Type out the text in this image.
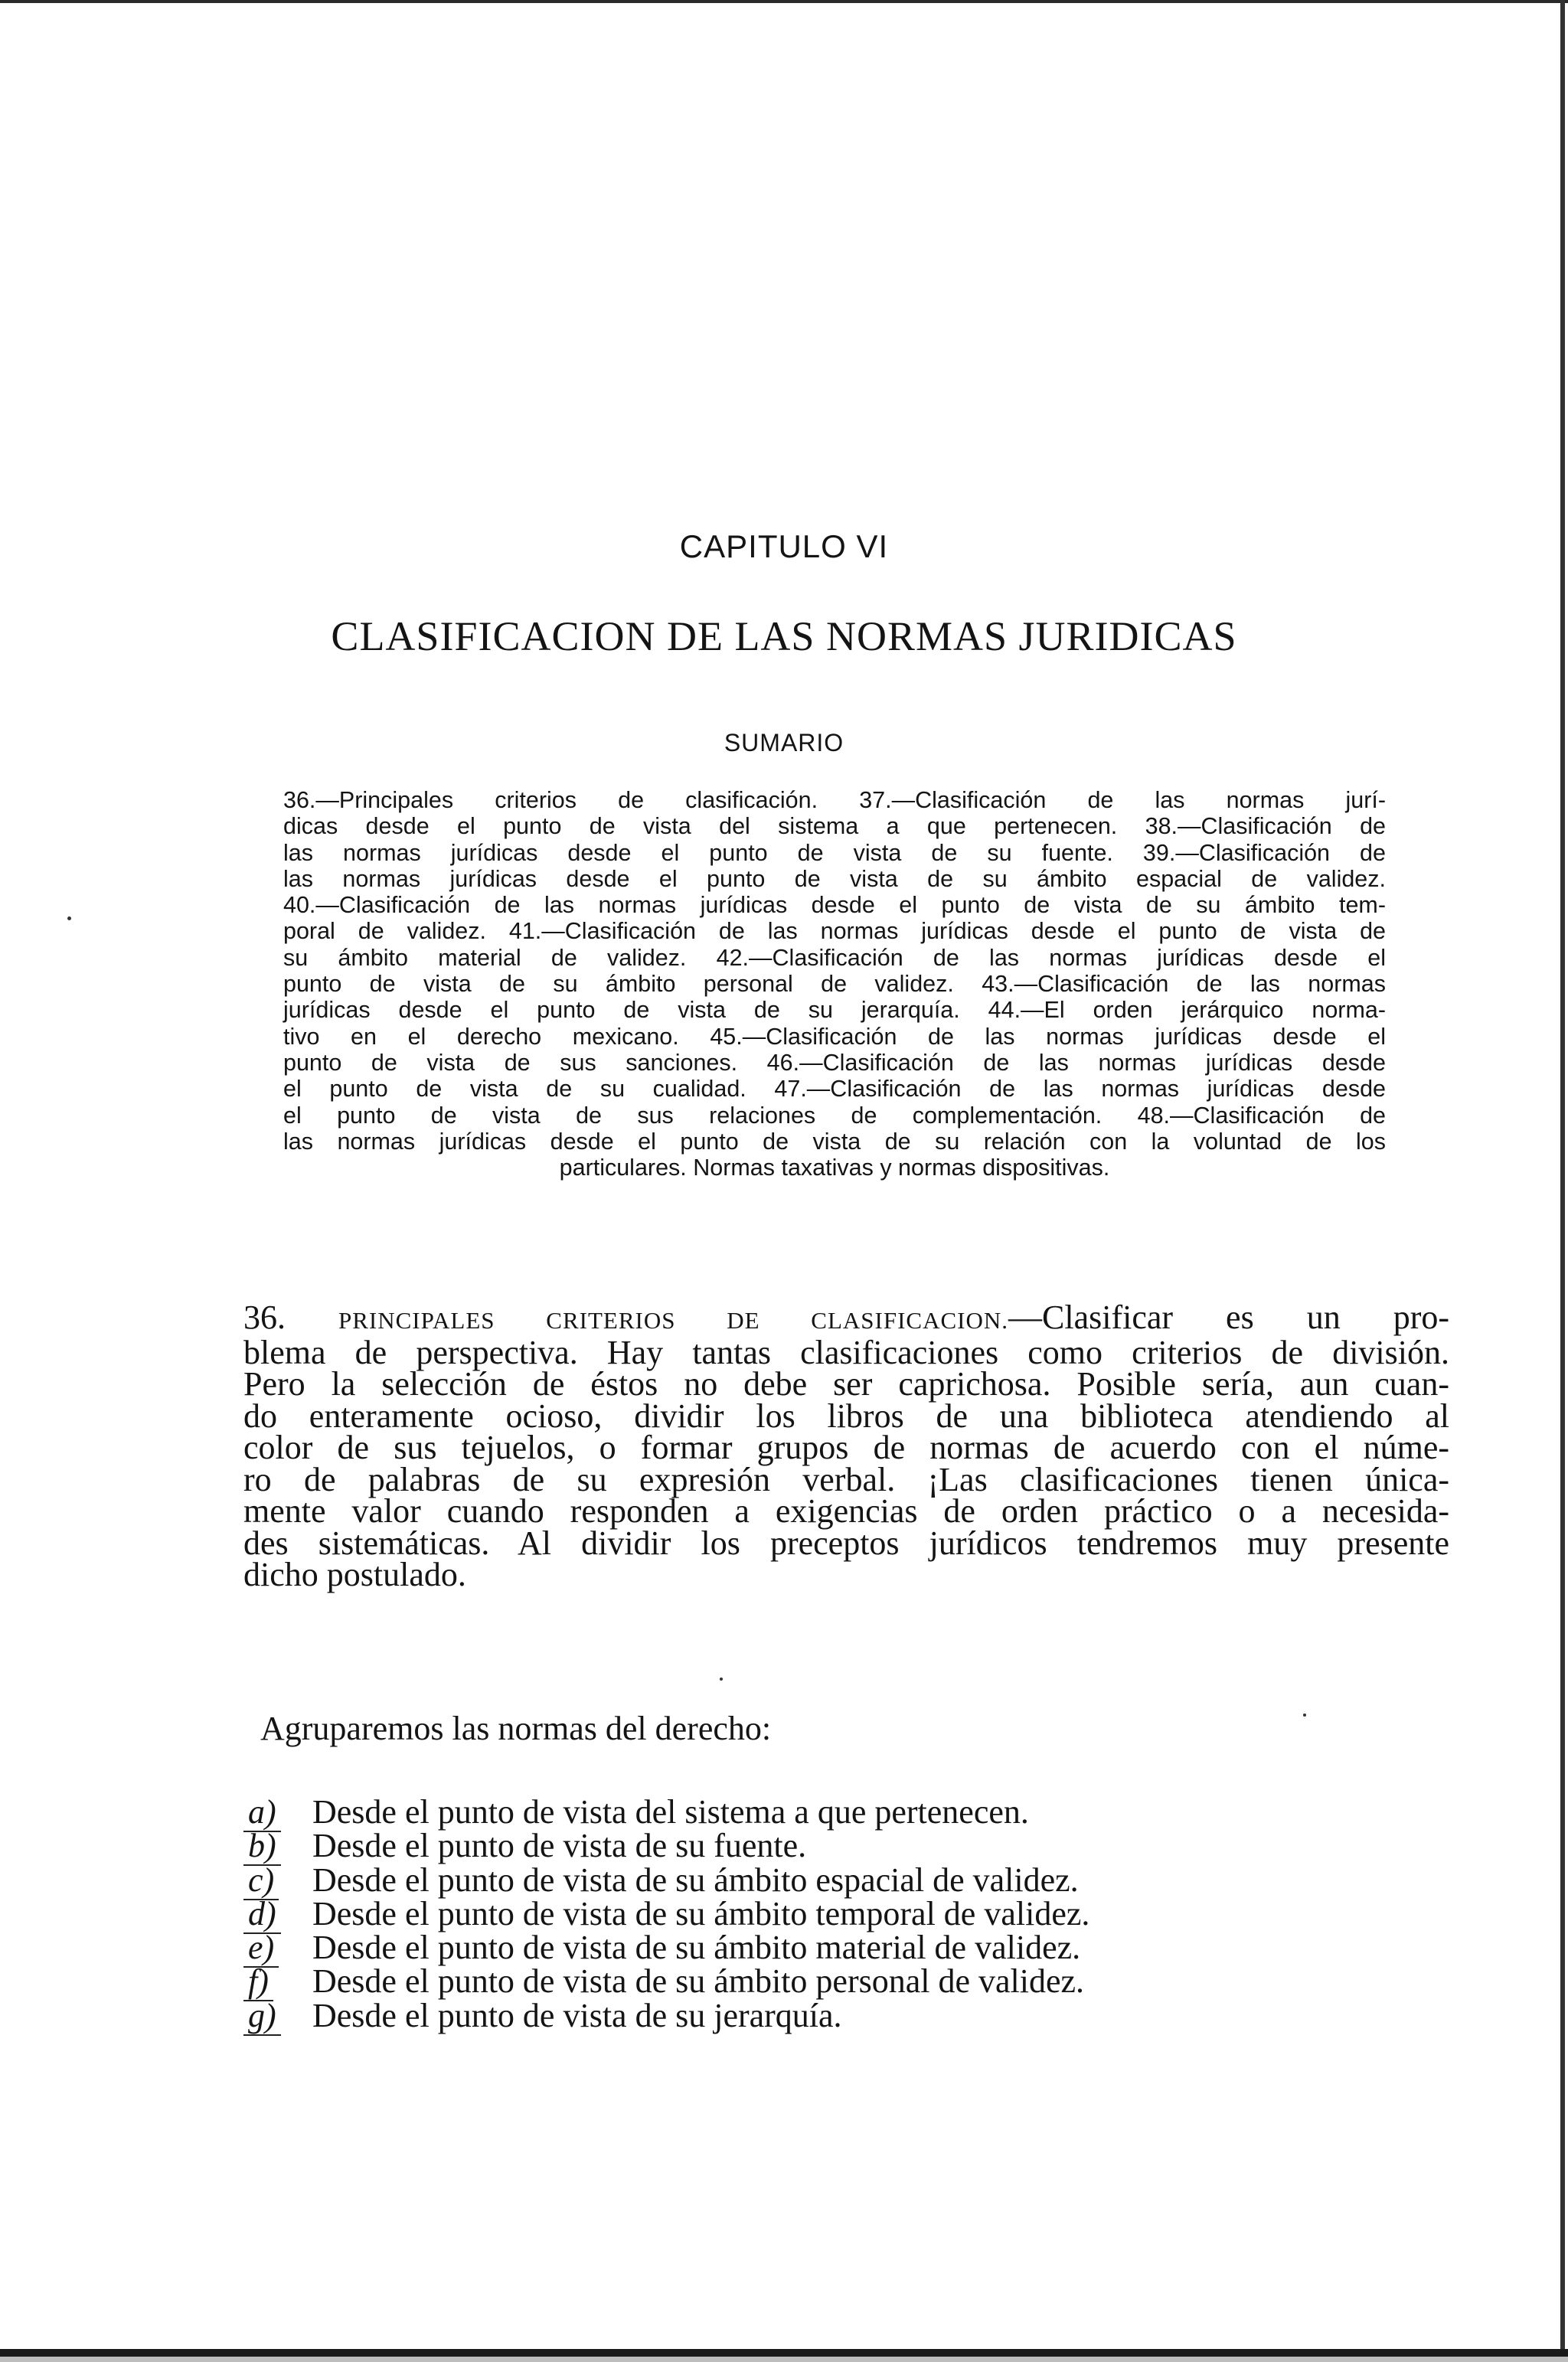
CAPITULO VI
CLASIFICACION DE LAS NORMAS JURIDICAS
SUMARIO
36.—Principales criterios de clasificación. 37.—Clasificación de las normas jurí-
dicas desde el punto de vista del sistema a que pertenecen. 38.—Clasificación de
las normas jurídicas desde el punto de vista de su fuente. 39.—Clasificación de
las normas jurídicas desde el punto de vista de su ámbito espacial de validez.
40.—Clasificación de las normas jurídicas desde el punto de vista de su ámbito tem-
poral de validez. 41.—Clasificación de las normas jurídicas desde el punto de vista de
su ámbito material de validez. 42.—Clasificación de las normas jurídicas desde el
punto de vista de su ámbito personal de validez. 43.—Clasificación de las normas
jurídicas desde el punto de vista de su jerarquía. 44.—El orden jerárquico norma-
tivo en el derecho mexicano. 45.—Clasificación de las normas jurídicas desde el
punto de vista de sus sanciones. 46.—Clasificación de las normas jurídicas desde
el punto de vista de su cualidad. 47.—Clasificación de las normas jurídicas desde
el punto de vista de sus relaciones de complementación. 48.—Clasificación de
las normas jurídicas desde el punto de vista de su relación con la voluntad de los
particulares. Normas taxativas y normas dispositivas.
36. PRINCIPALES CRITERIOS DE CLASIFICACION.—Clasificar es un pro-
blema de perspectiva. Hay tantas clasificaciones como criterios de división.
Pero la selección de éstos no debe ser caprichosa. Posible sería, aun cuan-
do enteramente ocioso, dividir los libros de una biblioteca atendiendo al
color de sus tejuelos, o formar grupos de normas de acuerdo con el núme-
ro de palabras de su expresión verbal. ¡Las clasificaciones tienen única-
mente valor cuando responden a exigencias de orden práctico o a necesida-
des sistemáticas. Al dividir los preceptos jurídicos tendremos muy presente
dicho postulado.
Agruparemos las normas del derecho:
a)	Desde el punto de vista del sistema a que pertenecen.
b)	Desde el punto de vista de su fuente.
c)	Desde el punto de vista de su ámbito espacial de validez.
d)	Desde el punto de vista de su ámbito temporal de validez.
e)	Desde el punto de vista de su ámbito material de validez.
f)	Desde el punto de vista de su ámbito personal de validez.
g)	Desde el punto de vista de su jerarquía.
